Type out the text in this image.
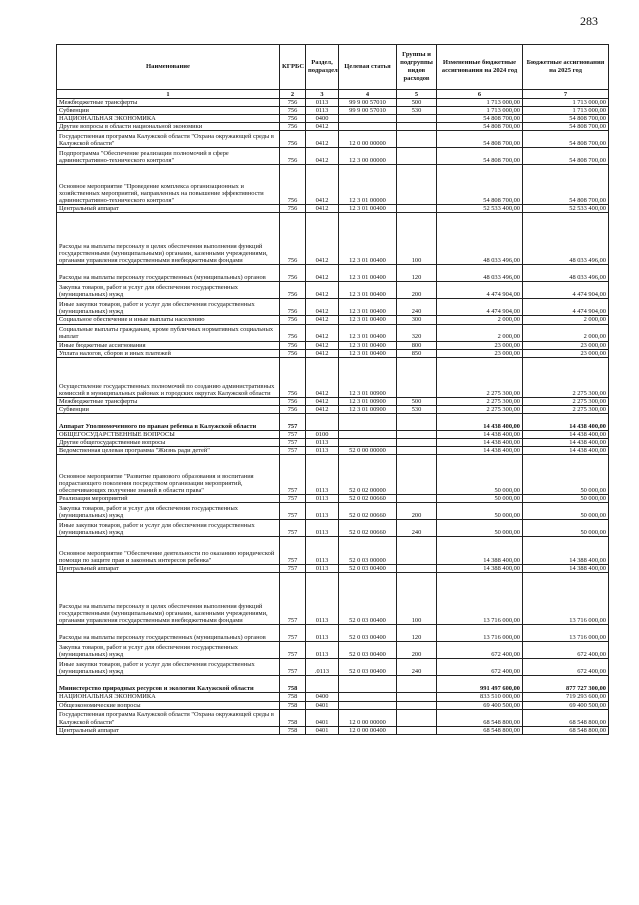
283
Наименование	КГРБС	Раздел, подраздел	Целевая статья	Группы и подгруппы видов расходов	Измененные бюджетные ассигнования на 2024 год	Бюджетные ассигнования на 2025 год
1	2	3	4	5	6	7
Межбюджетные трансферты	756	0113	99 9 00 57010	500	1 713 000,00	1 713 000,00
Субвенции	756	0113	99 9 00 57010	530	1 713 000,00	1 713 000,00
НАЦИОНАЛЬНАЯ ЭКОНОМИКА	756	0400			54 808 700,00	54 808 700,00
Другие вопросы в области национальной экономики	756	0412			54 808 700,00	54 808 700,00
Государственная программа Калужской области "Охрана окружающей среды в Калужской области"	756	0412	12 0 00 00000		54 808 700,00	54 808 700,00
Подпрограмма "Обеспечение реализации полномочий в сфере административно-технического контроля"	756	0412	12 3 00 00000		54 808 700,00	54 808 700,00
Основное мероприятие "Проведение комплекса организационных и хозяйственных мероприятий, направленных на повышение эффективности административно-технического контроля"	756	0412	12 3 01 00000		54 808 700,00	54 808 700,00
Центральный аппарат	756	0412	12 3 01 00400		52 533 400,00	52 533 400,00
Расходы на выплаты персоналу в целях обеспечения выполнения функций государственными (муниципальными) органами, казенными учреждениями, органами управления государственными внебюджетными фондами	756	0412	12 3 01 00400	100	48 033 496,00	48 033 496,00
Расходы на выплаты персоналу государственных (муниципальных) органов	756	0412	12 3 01 00400	120	48 033 496,00	48 033 496,00
Закупка товаров, работ и услуг для обеспечения государственных (муниципальных) нужд	756	0412	12 3 01 00400	200	4 474 904,00	4 474 904,00
Иные закупки товаров, работ и услуг для обеспечения государственных (муниципальных) нужд	756	0412	12 3 01 00400	240	4 474 904,00	4 474 904,00
Социальное обеспечение и иные выплаты населению	756	0412	12 3 01 00400	300	2 000,00	2 000,00
Социальные выплаты гражданам, кроме публичных нормативных социальных выплат	756	0412	12 3 01 00400	320	2 000,00	2 000,00
Иные бюджетные ассигнования	756	0412	12 3 01 00400	800	23 000,00	23 000,00
Уплата налогов, сборов и иных платежей	756	0412	12 3 01 00400	850	23 000,00	23 000,00
Осуществление государственных полномочий по созданию административных комиссий в муниципальных районах и городских округах Калужской области	756	0412	12 3 01 00900		2 275 300,00	2 275 300,00
Межбюджетные трансферты	756	0412	12 3 01 00900	500	2 275 300,00	2 275 300,00
Субвенции	756	0412	12 3 01 00900	530	2 275 300,00	2 275 300,00
Аппарат Уполномоченного по правам ребенка в Калужской области	757				14 438 400,00	14 438 400,00
ОБЩЕГОСУДАРСТВЕННЫЕ ВОПРОСЫ	757	0100			14 438 400,00	14 438 400,00
Другие общегосударственные вопросы	757	0113			14 438 400,00	14 438 400,00
Ведомственная целевая программа "Жизнь ради детей"	757	0113	52 0 00 00000		14 438 400,00	14 438 400,00
Основное мероприятие "Развитие правового образования и воспитания подрастающего поколения посредством организации мероприятий, обеспечивающих получение знаний в области права"	757	0113	52 0 02 00000		50 000,00	50 000,00
Реализация мероприятий	757	0113	52 0 02 00660		50 000,00	50 000,00
Закупка товаров, работ и услуг для обеспечения государственных (муниципальных) нужд	757	0113	52 0 02 00660	200	50 000,00	50 000,00
Иные закупки товаров, работ и услуг для обеспечения государственных (муниципальных) нужд	757	0113	52 0 02 00660	240	50 000,00	50 000,00
Основное мероприятие "Обеспечение деятельности по оказанию юридической помощи по защите прав и законных интересов ребенка"	757	0113	52 0 03 00000		14 388 400,00	14 388 400,00
Центральный аппарат	757	0113	52 0 03 00400		14 388 400,00	14 388 400,00
Расходы на выплаты персоналу в целях обеспечения выполнения функций государственными (муниципальными) органами, казенными учреждениями, органами управления государственными внебюджетными фондами	757	0113	52 0 03 00400	100	13 716 000,00	13 716 000,00
Расходы на выплаты персоналу государственных (муниципальных) органов	757	0113	52 0 03 00400	120	13 716 000,00	13 716 000,00
Закупка товаров, работ и услуг для обеспечения государственных (муниципальных) нужд	757	0113	52 0 03 00400	200	672 400,00	672 400,00
Иные закупки товаров, работ и услуг для обеспечения государственных (муниципальных) нужд	757	.0113	52 0 03 00400	240	672 400,00	672 400,00
Министерство природных ресурсов и экологии Калужской области	758				991 497 600,00	877 727 300,00
НАЦИОНАЛЬНАЯ ЭКОНОМИКА	758	0400			833 510 000,00	719 293 600,00
Общеэкономические вопросы	758	0401			69 400 500,00	69 400 500,00
Государственная программа Калужской области "Охрана окружающей среды в Калужской области"	758	0401	12 0 00 00000		68 548 800,00	68 548 800,00
Центральный аппарат	758	0401	12 0 00 00400		68 548 800,00	68 548 800,00
